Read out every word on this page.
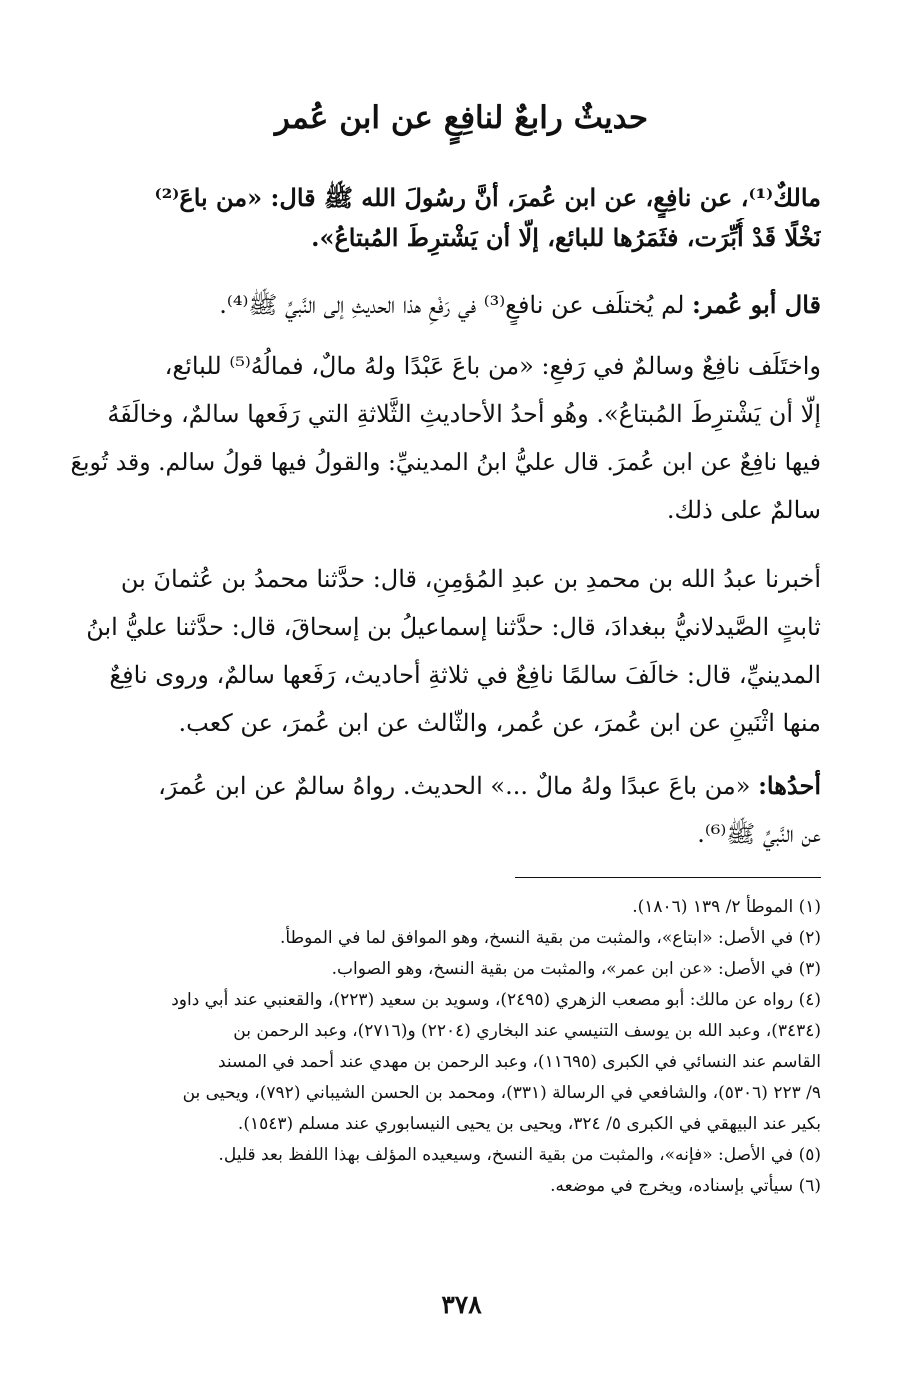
حديثٌ رابعٌ لنافِعٍ عن ابن عُمر
مالكٌ⁽¹⁾، عن نافِعٍ، عن ابن عُمرَ، أنَّ رسُولَ الله ﷺ قال: «من باعَ⁽²⁾
نَخْلًا قَدْ أُبِّرَت، فثَمَرُها للبائع، إلّا أن يَشْترِطَ المُبتاعُ».
قال أبو عُمر: لم يُختلَف عن نافعٍ⁽³⁾ في رَفْعِ هذا الحديثِ إلى النَّبيِّ ﷺ⁽⁴⁾.
واختَلَف نافِعٌ وسالمٌ في رَفعِ: «من باعَ عَبْدًا ولهُ مالٌ، فمالُهُ⁽⁵⁾ للبائع،
إلّا أن يَشْترِطَ المُبتاعُ». وهُو أحدُ الأحاديثِ الثَّلاثةِ التي رَفَعها سالمٌ، وخالَفَهُ
فيها نافِعٌ عن ابن عُمرَ. قال عليُّ ابنُ المدينيِّ: والقولُ فيها قولُ سالم. وقد تُوبعَ
سالمٌ على ذلك.
أخبرنا عبدُ الله بن محمدِ بن عبدِ المُؤمِنِ، قال: حدَّثنا محمدُ بن عُثمانَ بن
ثابتٍ الصَّيدلانيُّ ببغدادَ، قال: حدَّثنا إسماعيلُ بن إسحاقَ، قال: حدَّثنا عليُّ ابنُ
المدينيِّ، قال: خالَفَ سالمًا نافِعٌ في ثلاثةِ أحاديث، رَفَعها سالمٌ، وروى نافِعٌ
منها اثْنَينِ عن ابن عُمرَ، عن عُمر، والثّالث عن ابن عُمرَ، عن كعب.
أحدُها: «من باعَ عبدًا ولهُ مالٌ ...» الحديث. رواهُ سالمٌ عن ابن عُمرَ،
عن النَّبيِّ ﷺ⁽⁶⁾.
(١) الموطأ ٢/ ١٣٩ (١٨٠٦).
(٢) في الأصل: «ابتاع»، والمثبت من بقية النسخ، وهو الموافق لما في الموطأ.
(٣) في الأصل: «عن ابن عمر»، والمثبت من بقية النسخ، وهو الصواب.
(٤) رواه عن مالك: أبو مصعب الزهري (٢٤٩٥)، وسويد بن سعيد (٢٢٣)، والقعنبي عند أبي داود
(٣٤٣٤)، وعبد الله بن يوسف التنيسي عند البخاري (٢٢٠٤) و(٢٧١٦)، وعبد الرحمن بن
القاسم عند النسائي في الكبرى (١١٦٩٥)، وعبد الرحمن بن مهدي عند أحمد في المسند
٩/ ٢٢٣ (٥٣٠٦)، والشافعي في الرسالة (٣٣١)، ومحمد بن الحسن الشيباني (٧٩٢)، ويحيى بن
بكير عند البيهقي في الكبرى ٥/ ٣٢٤، ويحيى بن يحيى النيسابوري عند مسلم (١٥٤٣).
(٥) في الأصل: «فإنه»، والمثبت من بقية النسخ، وسيعيده المؤلف بهذا اللفظ بعد قليل.
(٦) سيأتي بإسناده، ويخرج في موضعه.
٣٧٨
